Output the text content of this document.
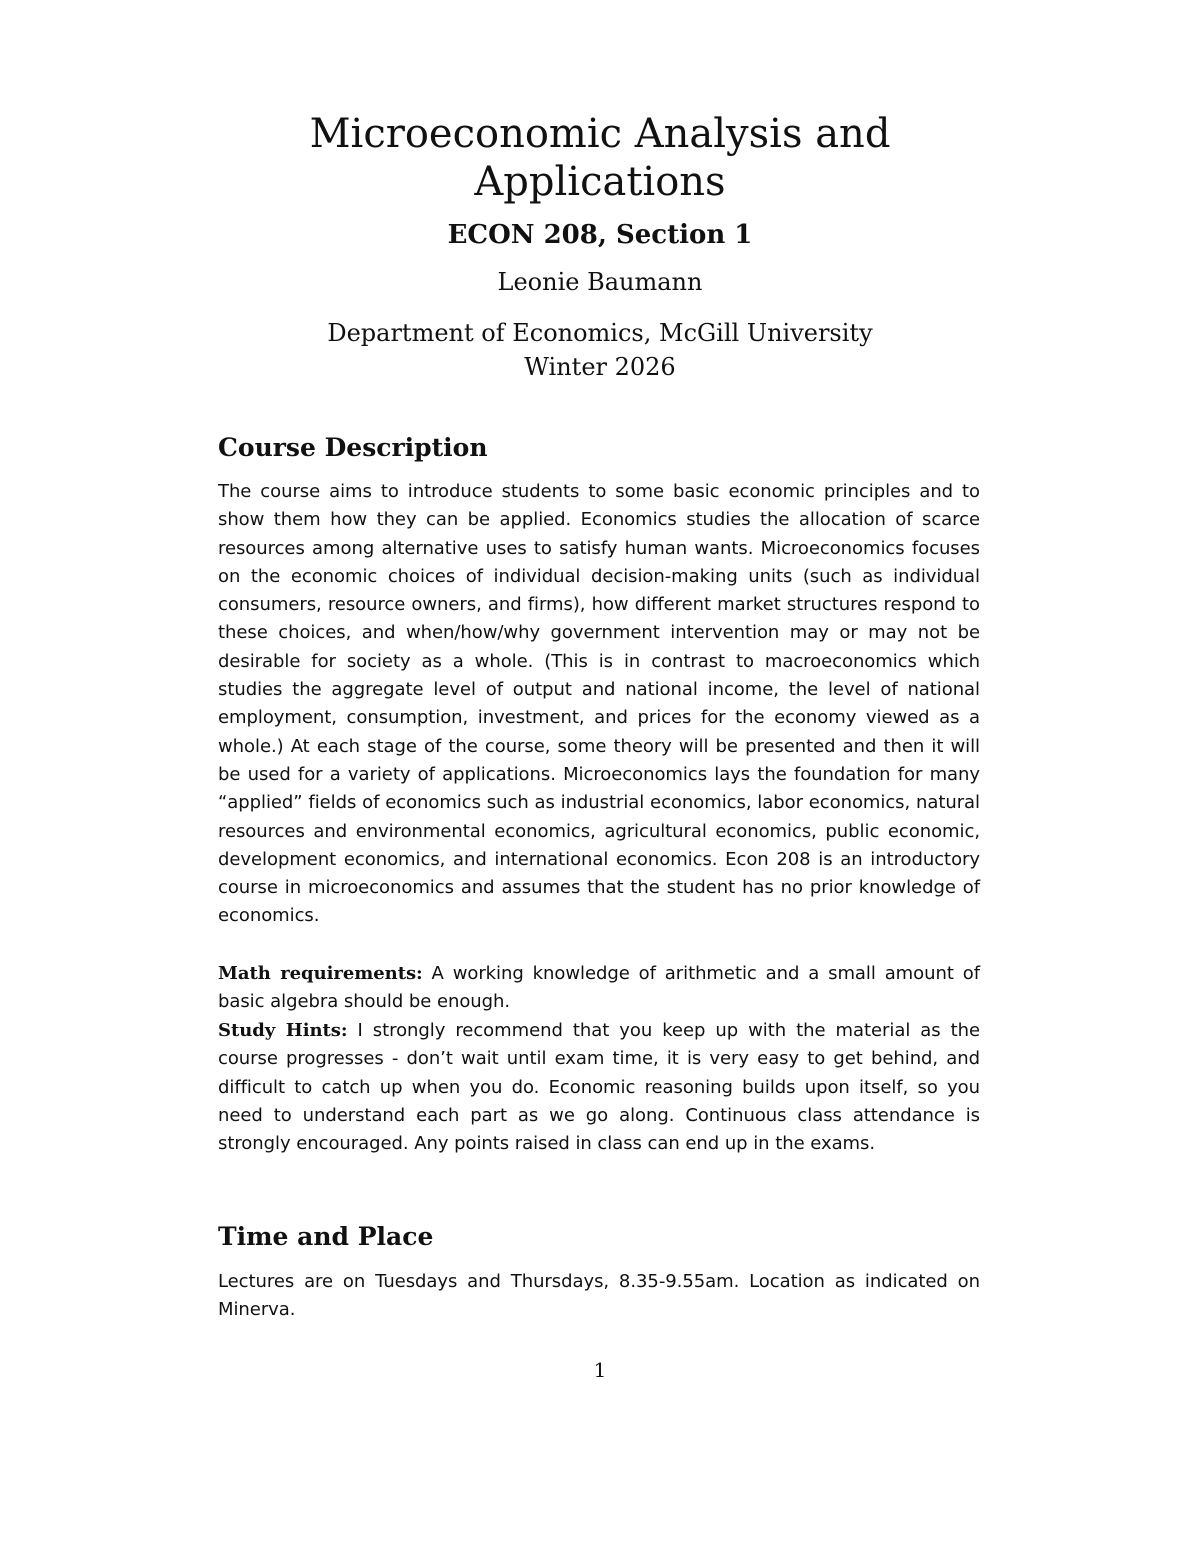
Microeconomic Analysis and Applications

ECON 208, Section 1

Leonie Baumann

Department of Economics, McGill University

Winter 2026

Course Description

The course aims to introduce students to some basic economic principles and to show them how they can be applied. Economics studies the allocation of scarce resources among alternative uses to satisfy human wants. Microeconomics focuses on the economic choices of individual decision-making units (such as individual consumers, resource owners, and firms), how different market structures respond to these choices, and when/how/why government intervention may or may not be desirable for society as a whole. (This is in contrast to macroeconomics which studies the aggregate level of output and national income, the level of national employment, consumption, investment, and prices for the economy viewed as a whole.) At each stage of the course, some theory will be presented and then it will be used for a variety of applications. Microeconomics lays the foundation for many “applied” fields of economics such as industrial economics, labor economics, natural resources and environmental economics, agricultural economics, public economic, development economics, and international economics. Econ 208 is an introductory course in microeconomics and assumes that the student has no prior knowledge of economics.

Math requirements: A working knowledge of arithmetic and a small amount of basic algebra should be enough.

Study Hints: I strongly recommend that you keep up with the material as the course progresses - don’t wait until exam time, it is very easy to get behind, and difficult to catch up when you do. Economic reasoning builds upon itself, so you need to understand each part as we go along. Continuous class attendance is strongly encouraged. Any points raised in class can end up in the exams.

Time and Place

Lectures are on Tuesdays and Thursdays, 8.35-9.55am. Location as indicated on Minerva.

1
